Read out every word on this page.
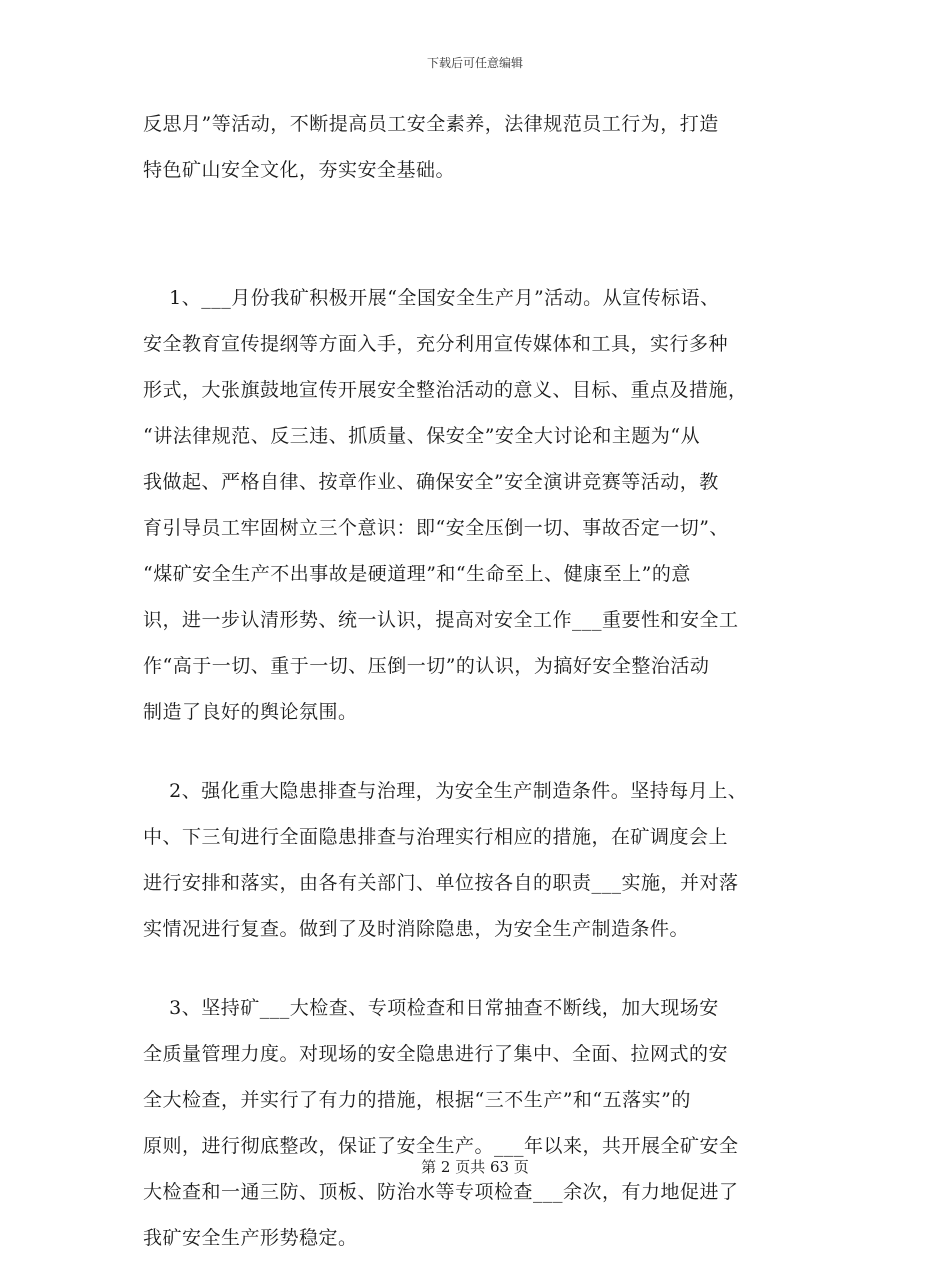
下载后可任意编辑
反思月”等活动，不断提高员工安全素养，法律规范员工行为，打造
特色矿山安全文化，夯实安全基础。
1、___月份我矿积极开展“全国安全生产月”活动。从宣传标语、
安全教育宣传提纲等方面入手，充分利用宣传媒体和工具，实行多种
形式，大张旗鼓地宣传开展安全整治活动的意义、目标、重点及措施，
“讲法律规范、反三违、抓质量、保安全”安全大讨论和主题为“从
我做起、严格自律、按章作业、确保安全”安全演讲竞赛等活动，教
育引导员工牢固树立三个意识：即“安全压倒一切、事故否定一切”、
“煤矿安全生产不出事故是硬道理”和“生命至上、健康至上”的意
识，进一步认清形势、统一认识，提高对安全工作___重要性和安全工
作“高于一切、重于一切、压倒一切”的认识，为搞好安全整治活动
制造了良好的舆论氛围。
2、强化重大隐患排查与治理，为安全生产制造条件。坚持每月上、
中、下三旬进行全面隐患排查与治理实行相应的措施，在矿调度会上
进行安排和落实，由各有关部门、单位按各自的职责___实施，并对落
实情况进行复查。做到了及时消除隐患，为安全生产制造条件。
3、坚持矿___大检查、专项检查和日常抽查不断线，加大现场安
全质量管理力度。对现场的安全隐患进行了集中、全面、拉网式的安
全大检查，并实行了有力的措施，根据“三不生产”和“五落实”的
原则，进行彻底整改，保证了安全生产。___年以来，共开展全矿安全
大检查和一通三防、顶板、防治水等专项检查___余次，有力地促进了
我矿安全生产形势稳定。
第 2 页共 63 页
